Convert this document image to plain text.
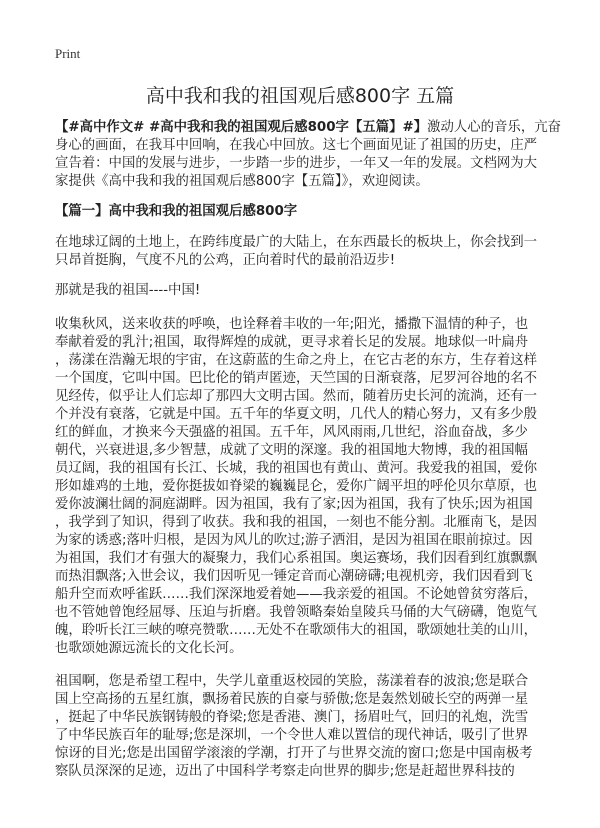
Print
高中我和我的祖国观后感800字 五篇
【#高中作文# #高中我和我的祖国观后感800字【五篇】#】激动人心的音乐，亢奋
身心的画面，在我耳中回响，在我心中回放。这七个画面见证了祖国的历史，庄严
宣告着：中国的发展与进步，一步踏一步的进步，一年又一年的发展。文档网为大
家提供《高中我和我的祖国观后感800字【五篇】》，欢迎阅读。
【篇一】高中我和我的祖国观后感800字
在地球辽阔的土地上，在跨纬度最广的大陆上，在东西最长的板块上，你会找到一
只昂首挺胸，气度不凡的公鸡，正向着时代的最前沿迈步!
那就是我的祖国----中国!
收集秋风，送来收获的呼唤，也诠释着丰收的一年;阳光，播撒下温情的种子，也
奉献着爱的乳汁;祖国，取得辉煌的成就，更寻求着长足的发展。地球似一叶扁舟
，荡漾在浩瀚无垠的宇宙，在这蔚蓝的生命之舟上，在它古老的东方，生存着这样
一个国度，它叫中国。巴比伦的销声匿迹，天竺国的日渐衰落，尼罗河谷地的名不
见经传，似乎让人们忘却了那四大文明古国。然而，随着历史长河的流淌，还有一
个并没有衰落，它就是中国。五千年的华夏文明，几代人的精心努力，又有多少殷
红的鲜血，才换来今天强盛的祖国。五千年，风风雨雨,几世纪，浴血奋战，多少
朝代，兴衰进退,多少智慧，成就了文明的深邃。我的祖国地大物博，我的祖国幅
员辽阔，我的祖国有长江、长城，我的祖国也有黄山、黄河。我爱我的祖国，爱你
形如雄鸡的土地，爱你挺拔如脊梁的巍巍昆仑，爱你广阔平坦的呼伦贝尔草原，也
爱你波澜壮阔的洞庭湖畔。因为祖国，我有了家;因为祖国，我有了快乐;因为祖国
，我学到了知识，得到了收获。我和我的祖国，一刻也不能分割。北雁南飞，是因
为家的诱惑;落叶归根，是因为风儿的吹过;游子洒泪，是因为祖国在眼前掠过。因
为祖国，我们才有强大的凝聚力，我们心系祖国。奥运赛场，我们因看到红旗飘飘
而热泪飘落;入世会议，我们因听见一锤定音而心潮磅礴;电视机旁，我们因看到飞
船升空而欢呼雀跃……我们深深地爱着她——我亲爱的祖国。不论她曾贫穷落后，
也不管她曾饱经屈辱、压迫与折磨。我曾领略秦始皇陵兵马俑的大气磅礴，饱览气
魄，聆听长江三峡的嘹亮赞歌……无处不在歌颂伟大的祖国，歌颂她壮美的山川，
也歌颂她源远流长的文化长河。
祖国啊，您是希望工程中，失学儿童重返校园的笑脸，荡漾着春的波浪;您是联合
国上空高扬的五星红旗，飘扬着民族的自豪与骄傲;您是轰然划破长空的两弹一星
，挺起了中华民族钢铸般的脊梁;您是香港、澳门，扬眉吐气，回归的礼炮，洗雪
了中华民族百年的耻辱;您是深圳，一个令世人难以置信的现代神话，吸引了世界
惊讶的目光;您是出国留学滚滚的学潮，打开了与世界交流的窗口;您是中国南极考
察队员深深的足迹，迈出了中国科学考察走向世界的脚步;您是赶超世界科技的
